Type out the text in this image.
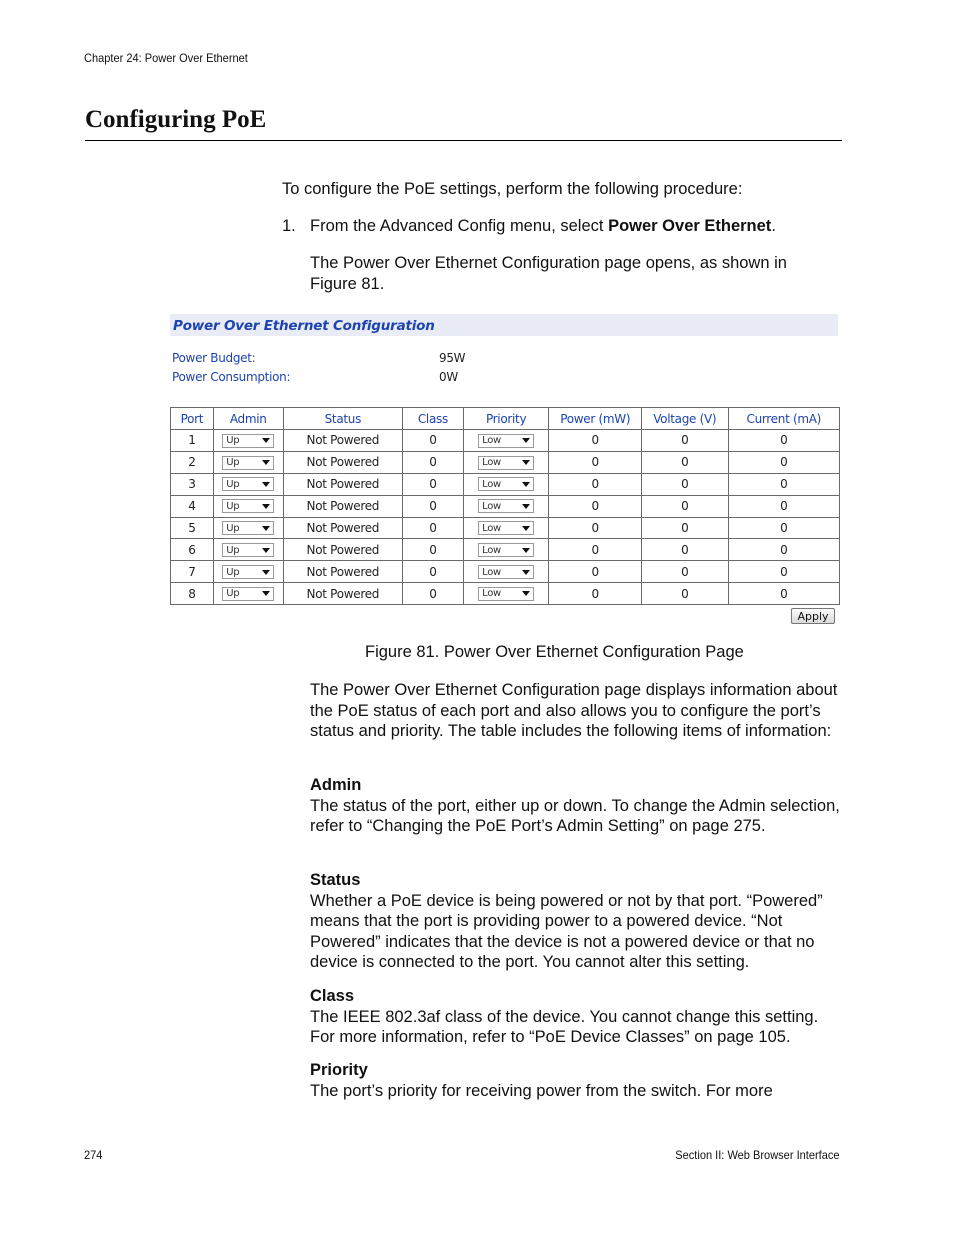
Chapter 24: Power Over Ethernet
Configuring PoE
To configure the PoE settings, perform the following procedure:
1. From the Advanced Config menu, select Power Over Ethernet.
The Power Over Ethernet Configuration page opens, as shown in Figure 81.
Power Over Ethernet Configuration
Power Budget:	95W
Power Consumption:	0W
Port	Admin	Status	Class	Priority	Power (mW)	Voltage (V)	Current (mA)
1	Up	Not Powered	0	Low	0	0	0
2	Up	Not Powered	0	Low	0	0	0
3	Up	Not Powered	0	Low	0	0	0
4	Up	Not Powered	0	Low	0	0	0
5	Up	Not Powered	0	Low	0	0	0
6	Up	Not Powered	0	Low	0	0	0
7	Up	Not Powered	0	Low	0	0	0
8	Up	Not Powered	0	Low	0	0	0
Apply
Figure 81. Power Over Ethernet Configuration Page
The Power Over Ethernet Configuration page displays information about the PoE status of each port and also allows you to configure the port’s status and priority. The table includes the following items of information:
Admin
The status of the port, either up or down. To change the Admin selection, refer to “Changing the PoE Port’s Admin Setting” on page 275.
Status
Whether a PoE device is being powered or not by that port. “Powered” means that the port is providing power to a powered device. “Not Powered” indicates that the device is not a powered device or that no device is connected to the port. You cannot alter this setting.
Class
The IEEE 802.3af class of the device. You cannot change this setting. For more information, refer to “PoE Device Classes” on page 105.
Priority
The port’s priority for receiving power from the switch. For more
274	Section II: Web Browser Interface
